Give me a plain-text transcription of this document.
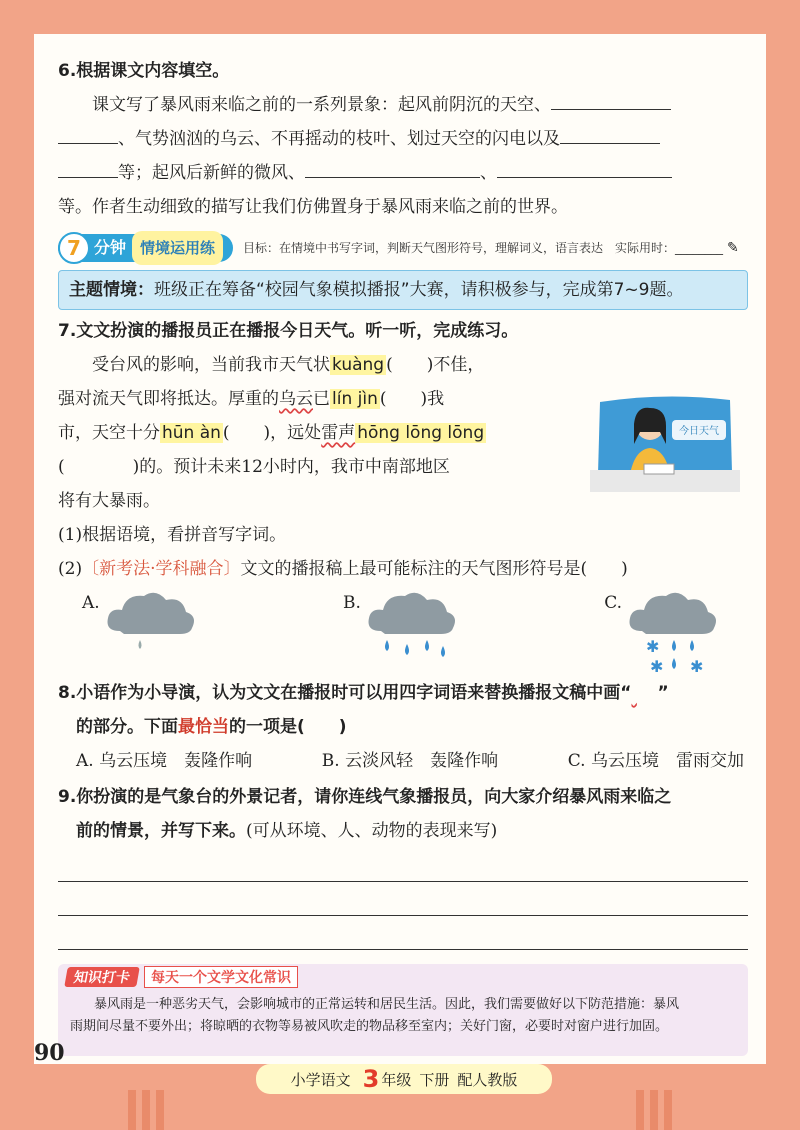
6.根据课文内容填空。
课文写了暴风雨来临之前的一系列景象：起风前阴沉的天空、
、气势汹汹的乌云、不再摇动的枝叶、划过天空的闪电以及
等；起风后新鲜的微风、	、
等。作者生动细致的描写让我们仿佛置身于暴风雨来临之前的世界。
7 分钟 情境运用练	目标：在情境中书写字词，判断天气图形符号，理解词义，语言表达　实际用时：________ ✎
主题情境：班级正在筹备“校园气象模拟播报”大赛，请积极参与，完成第7~9题。
7.文文扮演的播报员正在播报今日天气。听一听，完成练习。
受台风的影响，当前我市天气状 kuàng (　　)不佳，
强对流天气即将抵达。厚重的乌云已 lín jìn (　　)我
市，天空十分 hūn àn (　　)，远处雷声 hōng lōng lōng
(　　　　)的。预计未来12小时内，我市中南部地区
将有大暴雨。
(1)根据语境，看拼音写字词。
(2)〔新考法·学科融合〕文文的播报稿上最可能标注的天气图形符号是(　　)
A.	B.	C.
✱
✱ ✱
8.小语作为小导演，认为文文在播报时可以用四字词语来替换播报文稿中画“ ”
的部分。下面最恰当的一项是(　　)
A. 乌云压境　轰隆作响	B. 云淡风轻　轰隆作响	C. 乌云压境　雷雨交加
9.你扮演的是气象台的外景记者，请你连线气象播报员，向大家介绍暴风雨来临之
前的情景，并写下来。(可从环境、人、动物的表现来写)
今日天气
知识打卡	每天一个文学文化常识
暴风雨是一种恶劣天气，会影响城市的正常运转和居民生活。因此，我们需要做好以下防范措施：暴风
雨期间尽量不要外出；将晾晒的衣物等易被风吹走的物品移至室内；关好门窗，必要时对窗户进行加固。
90
小学语文 3 年级 下册 配人教版
